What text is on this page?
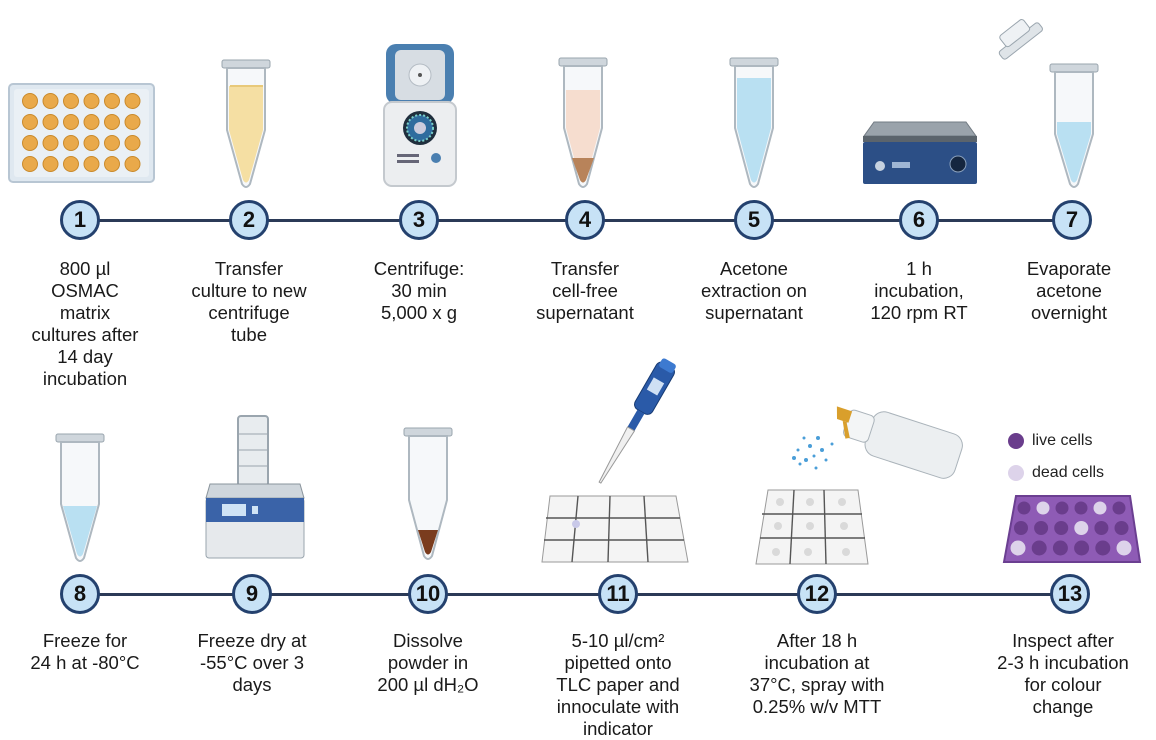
live cells
dead cells
1	2	3	4	5	6	7
800 µl
OSMAC
matrix
cultures after
14 day
incubation
Transfer
culture to new
centrifuge
tube
Centrifuge:
30 min
5,000 x g
Transfer
cell-free
supernatant
Acetone
extraction on
supernatant
1 h
incubation,
120 rpm RT
Evaporate
acetone
overnight
8	9	10	11	12	13
Freeze for
24 h at -80°C
Freeze dry at
-55°C over 3
days
Dissolve
powder in
200 µl dH₂O
5-10 µl/cm²
pipetted onto
TLC paper and
innoculate with
indicator
After 18 h
incubation at
37°C, spray with
0.25% w/v MTT
Inspect after
2-3 h incubation
for colour
change
